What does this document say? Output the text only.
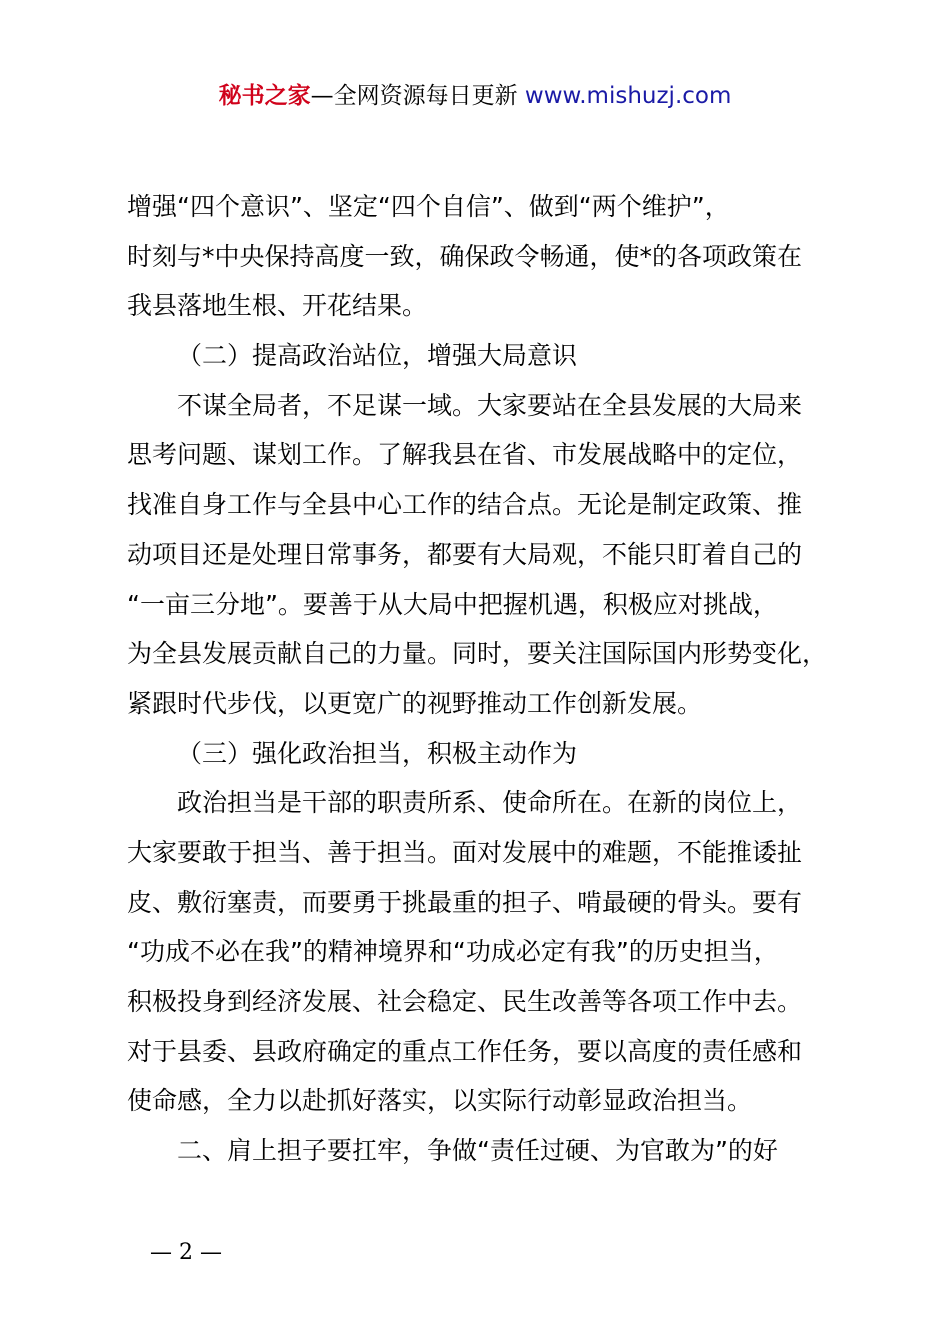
秘书之家—全网资源每日更新 www.mishuzj.com
增强“四个意识”、坚定“四个自信”、做到“两个维护”，
时刻与*中央保持高度一致，确保政令畅通，使*的各项政策在
我县落地生根、开花结果。
（二）提高政治站位，增强大局意识
不谋全局者，不足谋一域。大家要站在全县发展的大局来
思考问题、谋划工作。了解我县在省、市发展战略中的定位，
找准自身工作与全县中心工作的结合点。无论是制定政策、推
动项目还是处理日常事务，都要有大局观，不能只盯着自己的
“一亩三分地”。要善于从大局中把握机遇，积极应对挑战，
为全县发展贡献自己的力量。同时，要关注国际国内形势变化，
紧跟时代步伐，以更宽广的视野推动工作创新发展。
（三）强化政治担当，积极主动作为
政治担当是干部的职责所系、使命所在。在新的岗位上，
大家要敢于担当、善于担当。面对发展中的难题，不能推诿扯
皮、敷衍塞责，而要勇于挑最重的担子、啃最硬的骨头。要有
“功成不必在我”的精神境界和“功成必定有我”的历史担当，
积极投身到经济发展、社会稳定、民生改善等各项工作中去。
对于县委、县政府确定的重点工作任务，要以高度的责任感和
使命感，全力以赴抓好落实，以实际行动彰显政治担当。
二、肩上担子要扛牢，争做“责任过硬、为官敢为”的好
— 2 —
